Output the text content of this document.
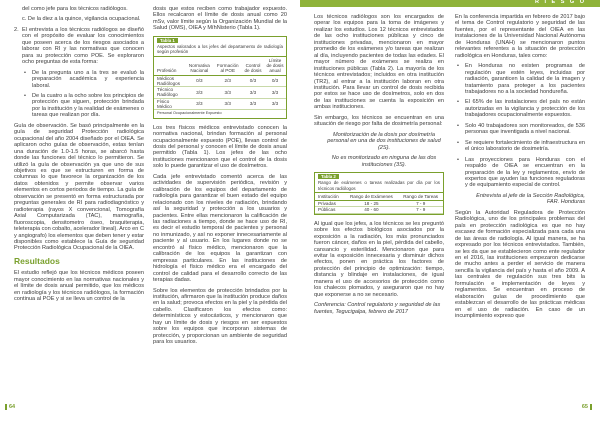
R I E S G O

del como jefe para los técnicos radiólogos.

c. De la diez a la quince, vigilancia ocupacional.

2. El entrevista a los técnicos radiólogos se diseñó con el propósito de evaluar los conocimientos que poseen acerca de los riesgos asociados a laborar con RI y las normativas que conocen para su protección como POE. Se exploraron ocho preguntas de esta forma:

• De la pregunta uno a la tres se evaluó la preparación académica y experiencia laboral.

• De la cuatro a la ocho sobre los principios de protección que siguen, protección brindada por la institución y la realidad de exámenes o tareas que realizan por día.

Guía de observación. Se basó principalmente en la guía de seguridad Protección radiológica ocupacional del año 2004 diseñado por el OIEA. Se aplicaron ocho guías de observación, estas tenían una duración de 1.0-1.5 horas, se abarcó hasta donde las funciones del técnico lo permitieron. Se utilizó la guía de observación ya que uno de sus objetivos es que se estructuren en forma de columnas lo que favorece la organización de los datos obtenidos y permite observar varios elementos en cortos periodos de tiempo. La guía de observación se presentó en forma estructurada por preguntas generales de RI para radiodiagnóstico y radioterapia (rayos X convencional, Tomografía Axial Computarizada (TAC), mamografía, fluoroscopia, densitometro óseo, braquiterapia, teleterapia con cobalto, acelerador lineal). Arco en C y angiografo) los elementos que deben tener y estar disponibles como establece la Guía de seguridad Protección Radiológica Ocupacional de la OIEA.

Resultados

El estudio reflejó que los técnicos médicos poseen mayor conocimiento en las normativas nacionales y el límite de dosis anual permitido, que los médicos en radiología y los técnicos radiólogos, la formación continua al POE y si se lleva un control de la

dosis que estos reciben como trabajador expuesto. Ellos recalcaron el límite de dosis anual como 20 mSv, valor límite según la Organización Mundial de la Salud (OMS), OIEA y MíhNisterio (Tabla 1).

Tabla 1
Aspectos valorados a los jefes del departamento de radiología según profesión
Profesión	Normativa Nacional	Formación al POE	Control de dosis	Límite de dosis anual
Médicos Radiólogos	0/3	2/3	0/3	0/3
Técnico Radiólogo	3/3	3/3	3/3	3/3
Físico Médico	3/3	3/3	3/3	3/3
Personal Ocupacionalmente Expuesto

Los tres físicos médicos entrevistado conocen la normativa nacional, brindan formación al personal ocupacionalmente expuesto (POE), llevan control de dosis del personal y conocen el límite de dosis anual permitido (Tabla 1). Los jefes de las ocho instituciones mencionaron que el control de la dosis solo lo puede garantizar el uso de dosímetros.

Cada jefe entrevistado comentó acerca de las actividades de supervisión periódica, revisión y calibración de los equipos del departamento de radiología para garantizar el buen estado del equipo relacionado con los niveles de radiación, brindando así la seguridad y protección a los usuarios y pacientes. Entre ellas mencionaron la calificación de las radiaciones a tiempo, donde se hace uso de RI, es decir el estudio temporal de pacientes y personal no inmunizado, y así no exponer innecesariamente al paciente y al usuario. En los lugares donde no se encontró al físico médico, mencionaron que la calibración de los equipos la garantizan con empresas particulares. En las instituciones de hidrología el físico médico era el encargado del control de calidad para el desarrollo correcto de las terapias dadas.

Sobre los elementos de protección brindados por la institución, afirmaron que la institución produce daños en la salud; provoca efectos en la piel y la pérdida del cabello. Clasificaron los efectos como: determinísticos y estocásticos, y mencionaron que hay un límite de dosis y riesgos en ser expuestos sobre los equipos que incorporan sistemas de protección, y proporcionan un ambiente de seguridad para los usuarios.

Los técnicos radiólogos son los encargados de operar los equipos para la toma de imágenes y realizar los estudios. Los 12 técnicos entrevistados de las ocho instituciones públicas y cinco de instituciones privadas, mencionaron en mayor promedio de los exámenes y/o tareas que realizan al día, incluyendo pacientes de todas las edades. El mayor número de exámenes se realiza en instituciones públicas (Tabla 2). La mayoría de los técnicos entrevistados; incluidos en otra institución (TR2), al entrar a la institución laboran en otra institución. Para llevar un control de dosis recibida por estos se hace uso de dosímetros, solo en dos de las instituciones se cuenta la exposición en ambas instituciones.

Sin embargo, los técnicos se encuentran en una situación de riesgo por falta de dosimetría personal:

Monitorización de la dosis por dosímetría personal en una de dos instituciones de salud (2S).

No es monitorizado en ninguna de las dos instituciones (3S).

Tabla 2
Rango de exámenes o tareas realizadas por día por los técnicos radiólogos
Institución	Rango de Exámenes	Rango de Tareas
Privadas	18 - 25	7 - 9
Públicas	40 - 60	7 - 9

Al igual que los jefes, a los técnicos se les preguntó sobre los efectos biológicos asociados por la exposición a la radiación, los más pronunciados fueron cáncer, daños en la piel, pérdida del cabello, cansancio y esterilidad. Mencionaron que para evitar la exposición innecesaria y disminuir dichos efectos, ponen en práctica los factores de protección del principio de optimización: tiempo, distancia y blindaje en instalaciones, de igual manera el uso de accesorios de protección como los chalecos plomados, y aseguraron que no hay que exponerse a no se necesario.

Conferencia: Control regulatorio y seguridad de las fuentes, Tegucigalpa, febrero de 2017

En la conferencia impartida en febrero de 2017 bajo el tema de Control regulatorio y seguridad de las fuentes, por el representante del OIEA en las instalaciones de la Universidad Nacional Autónoma de Honduras (UNAH) se mencionaron puntos relevantes referentes a la situación de protección radiológica en Honduras, tales como:

• En Honduras no existen programas de regulación que estén leyes, incluidas por radiación, garanticen la calidad de la imagen y tratamiento para proteger a los pacientes trabajadores no a la sociedad hondureña.

• El 65% de las instalaciones del país no están autorizadas en la vigilancia y protección de los trabajadores ocupacionalmente expuestos.

• Solo 40 trabajadores son monitoreados, de 536 personas que inventigada a nivel nacional.

• Se requiere fortalecimiento de infraestructura en el único laboratorio de dosimetría.

• Las proyecciones para Honduras con el respaldo de OIEA se encuentran en la preparación de la ley y reglamentos, envío de expertos que ayuden las funciones reguladoras y de equipamiento especial de control.

Entrevista al jefe de la Sección Radiológica, FAR. Honduras

Según la Autoridad Reguladora de Protección Radiológica, uno de los principales problemas del país en protección radiológica es que no hay escasez de formación especializada para cada una de las áreas de radiología. Al igual manera, se ha expresado por los técnicos entrevistados. También, se les da que se establecieron como ente regulador en el 2016, las instituciones empezaron dedicarse de mucho antes a perder el servicio de manera sencilla la vigilancia del país y hasta el año 2009. A las centrales de regulación sus tres bits la formulación e implementación de leyes y reglamentos. Se encuentran en proceso de elaboración guías de procedimiento que establezcan el desarrollo de las prácticas médicas en el uso de radiación. En caso de un incumplimiento expreso que

64	65
